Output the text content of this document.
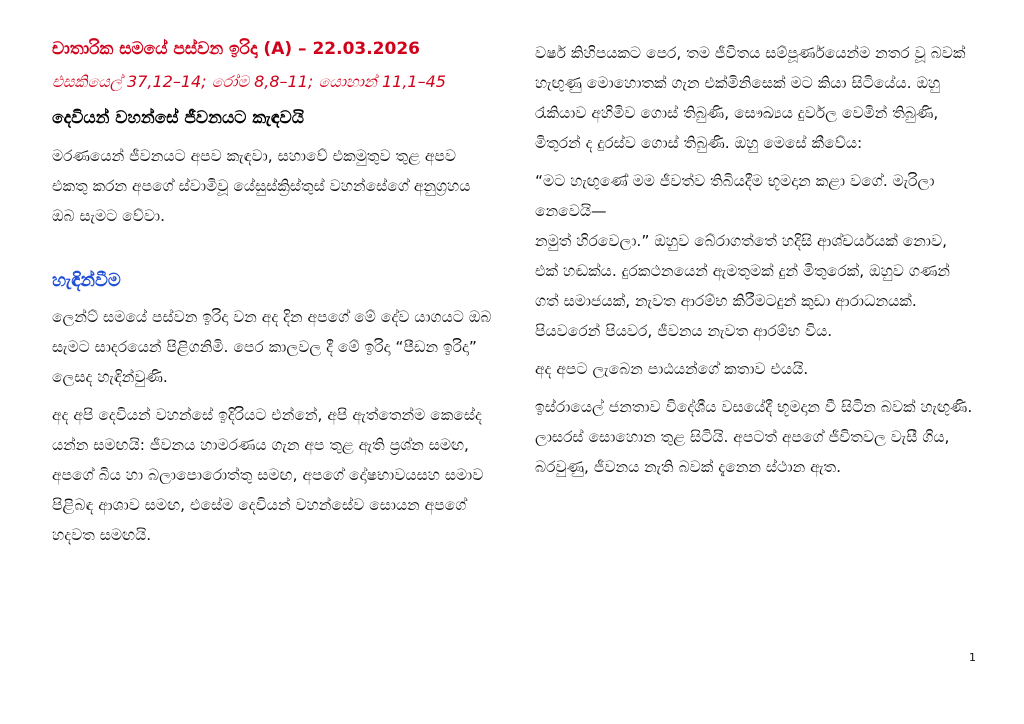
චාතාරික සමයේ පස්වන ඉරිදා (A) – 22.03.2026
එසකියෙල් 37,12–14; රෝම 8,8–11; යොහාන් 11,1–45
දෙවියන් වහන්සේ ජීවනයට කැඳවයි

මරණයෙන් ජීවනයට අපව කැඳවා, සහාවේ එකමුතුව තුළ අපව එකතු කරන අපගේ ස්වාමිවූ යේසුස්ක්‍රිස්තුස් වහන්සේගේ අනුග්‍රහය ඔබ සැමට වේවා.

හැඳින්වීම

ලෙන්ට් සමයේ පස්වන ඉරිදා වන අද දින අපගේ මේ දේව යාගයට ඔබ සැමට සාදරයෙන් පිළිගනිමි. පෙර කාලවල දී මේ ඉරිදා “පීඩන ඉරිදා” ලෙසද හැඳින්වුණි.

අද අපි දෙවියන් වහන්සේ ඉදිරියට එන්නේ, අපි ඇත්තෙන්ම කෙසේද යන්න සමඟයි: ජීවනය හාමරණය ගැන අප තුළ ඇති ප්‍රශ්න සමඟ, අපගේ බිය හා බලාපොරොත්තු සමඟ, අපගේ දෝෂභාවයසහ සමාව පිළිබඳ ආශාව සමඟ, එසේම දෙවියන් වහන්සේව සොයන අපගේ හදවත සමඟයි.

වර්ෂ කිහිපයකට පෙර, තම ජීවිතය සම්පූර්ණයෙන්ම නතර වූ බවක් හැඟුණු මොහොතක් ගැන එක්මිනිසෙක් මට කියා සිටියේය. ඔහු රැකියාව අහිමිව ගොස් තිබුණි, සෞඛ්‍යය දුර්වල වෙමින් තිබුණි, මිතුරන් ද දුරස්ව ගොස් තිබුණි. ඔහු මෙසේ කීවේය:

“මට හැඟුණේ මම ජීවත්ව තිබියදීම භූමදාන කළා වගේ. මැරිලා නෙවෙයි—

නමුත් හිරවෙලා.” ඔහුව බේරාගත්තේ හදිසි ආශ්චර්යයක් නොව, එක් හඬක්ය. දුරකථනයෙන් ඇමතුමක් දුන් මිතුරෙක්, ඔහුව ගණන් ගත් සමාජයක්, නැවත ආරම්භ කිරීමටදුන් කුඩා ආරාධනයක්. පියවරෙන් පියවර, ජීවනය නැවත ආරම්භ විය.

අද අපට ලැබෙන පාඨයන්ගේ කතාව එයයි.

ඉස්රායෙල් ජනතාව විදේශීය වසයේදී භූමදාන වී සිටින බවක් හැඟුණි. ලාසරස් සොහොන තුළ සිටියි. අපටත් අපගේ ජීවිතවල වැසී ගිය, බරවුණු, ජීවනය නැති බවක් දැනෙන ස්ථාන ඇත.

1
